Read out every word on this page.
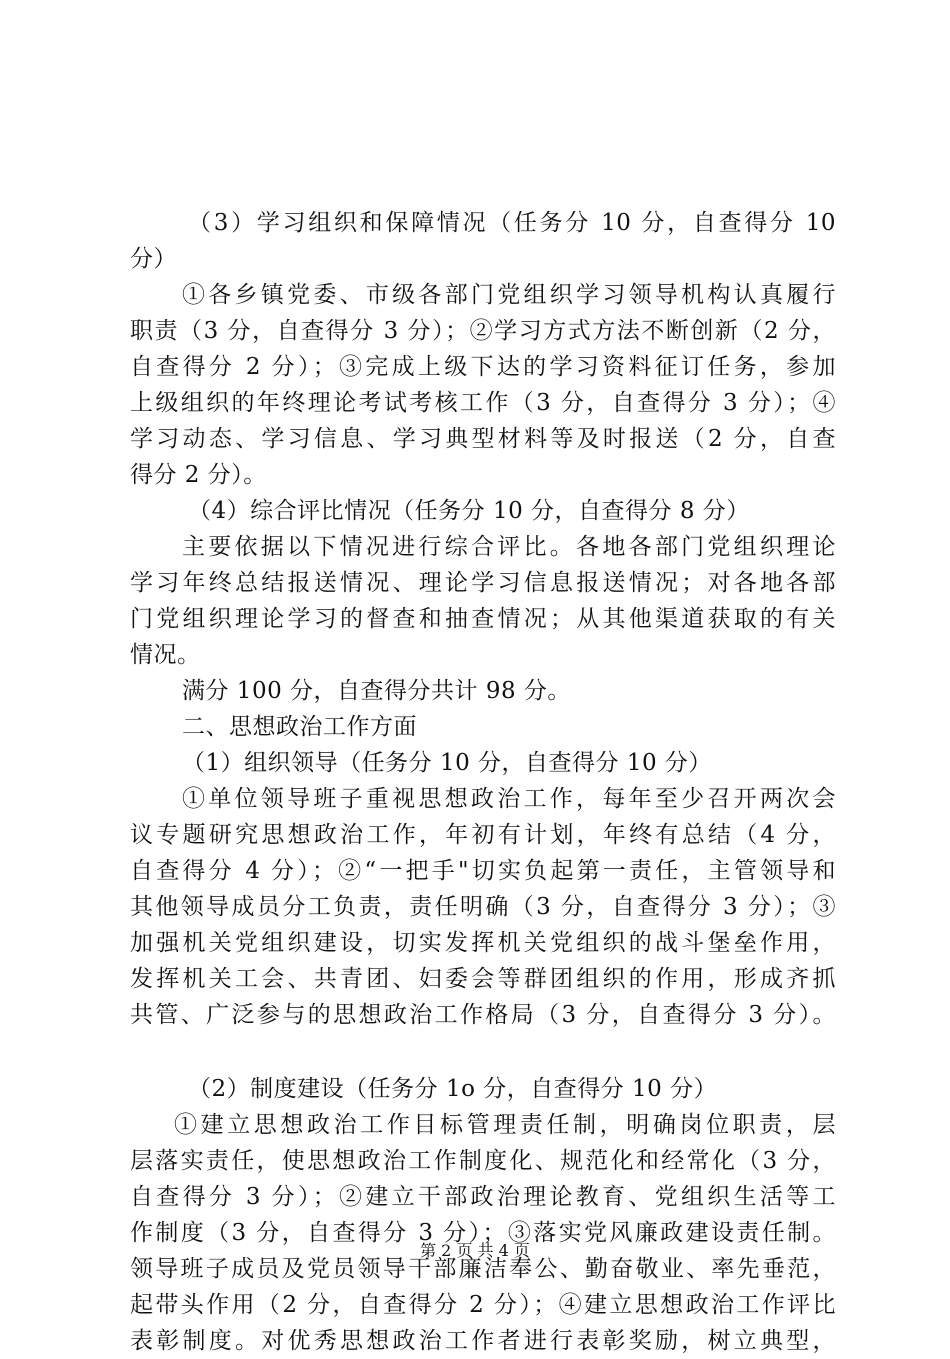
（3）学习组织和保障情况（任务分 10 分，自查得分 10
分）
①各乡镇党委、市级各部门党组织学习领导机构认真履行
职责（3 分，自查得分 3 分）；②学习方式方法不断创新（2 分，
自查得分 2 分）；③完成上级下达的学习资料征订任务，参加
上级组织的年终理论考试考核工作（3 分，自查得分 3 分）；④
学习动态、学习信息、学习典型材料等及时报送（2 分，自查
得分 2 分）。
（4）综合评比情况（任务分 10 分，自查得分 8 分）
主要依据以下情况进行综合评比。各地各部门党组织理论
学习年终总结报送情况、理论学习信息报送情况；对各地各部
门党组织理论学习的督查和抽查情况；从其他渠道获取的有关
情况。
满分 100 分，自查得分共计 98 分。
二、思想政治工作方面
（1）组织领导（任务分 10 分，自查得分 10 分）
①单位领导班子重视思想政治工作，每年至少召开两次会
议专题研究思想政治工作，年初有计划，年终有总结（4 分，
自查得分 4 分）；②“一把手"切实负起第一责任，主管领导和
其他领导成员分工负责，责任明确（3 分，自查得分 3 分）；③
加强机关党组织建设，切实发挥机关党组织的战斗堡垒作用，
发挥机关工会、共青团、妇委会等群团组织的作用，形成齐抓
共管、广泛参与的思想政治工作格局（3 分，自查得分 3 分）。
（2）制度建设（任务分 1o 分，自查得分 10 分）
①建立思想政治工作目标管理责任制，明确岗位职责，层
层落实责任，使思想政治工作制度化、规范化和经常化（3 分，
自查得分 3 分）；②建立干部政治理论教育、党组织生活等工
作制度（3 分，自查得分 3 分）；③落实党风廉政建设责任制。
领导班子成员及党员领导干部廉洁奉公、勤奋敬业、率先垂范，
起带头作用（2 分，自查得分 2 分）；④建立思想政治工作评比
表彰制度。对优秀思想政治工作者进行表彰奖励，树立典型，
第 2 页 共 4 页
